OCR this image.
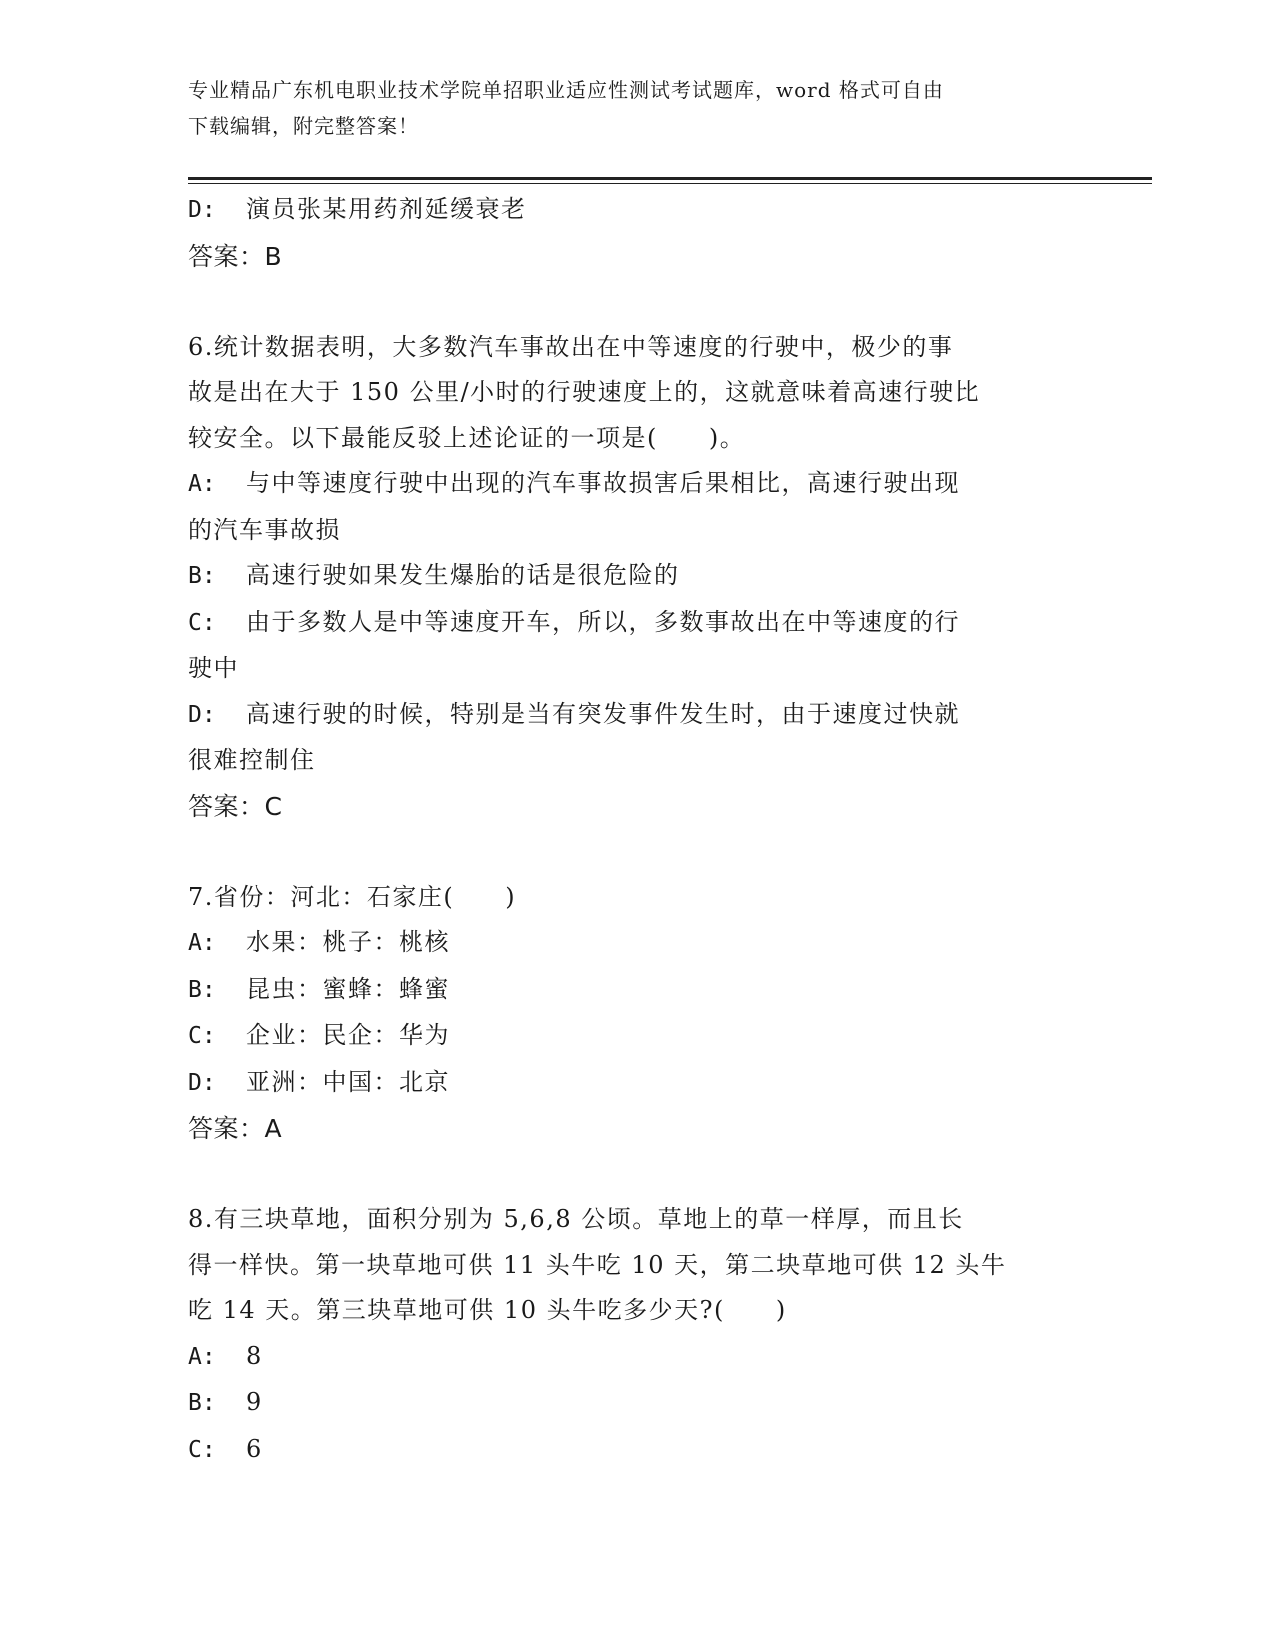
专业精品广东机电职业技术学院单招职业适应性测试考试题库，word 格式可自由
下载编辑，附完整答案！
D: 演员张某用药剂延缓衰老
答案：B
6.统计数据表明，大多数汽车事故出在中等速度的行驶中，极少的事
故是出在大于 150 公里/小时的行驶速度上的，这就意味着高速行驶比
较安全。以下最能反驳上述论证的一项是(　　)。
A: 与中等速度行驶中出现的汽车事故损害后果相比，高速行驶出现
的汽车事故损
B: 高速行驶如果发生爆胎的话是很危险的
C: 由于多数人是中等速度开车，所以，多数事故出在中等速度的行
驶中
D: 高速行驶的时候，特别是当有突发事件发生时，由于速度过快就
很难控制住
答案：C
7.省份：河北：石家庄(　　)
A: 水果：桃子：桃核
B: 昆虫：蜜蜂：蜂蜜
C: 企业：民企：华为
D: 亚洲：中国：北京
答案：A
8.有三块草地，面积分别为 5,6,8 公顷。草地上的草一样厚，而且长
得一样快。第一块草地可供 11 头牛吃 10 天，第二块草地可供 12 头牛
吃 14 天。第三块草地可供 10 头牛吃多少天?(　　)
A: 8
B: 9
C: 6
